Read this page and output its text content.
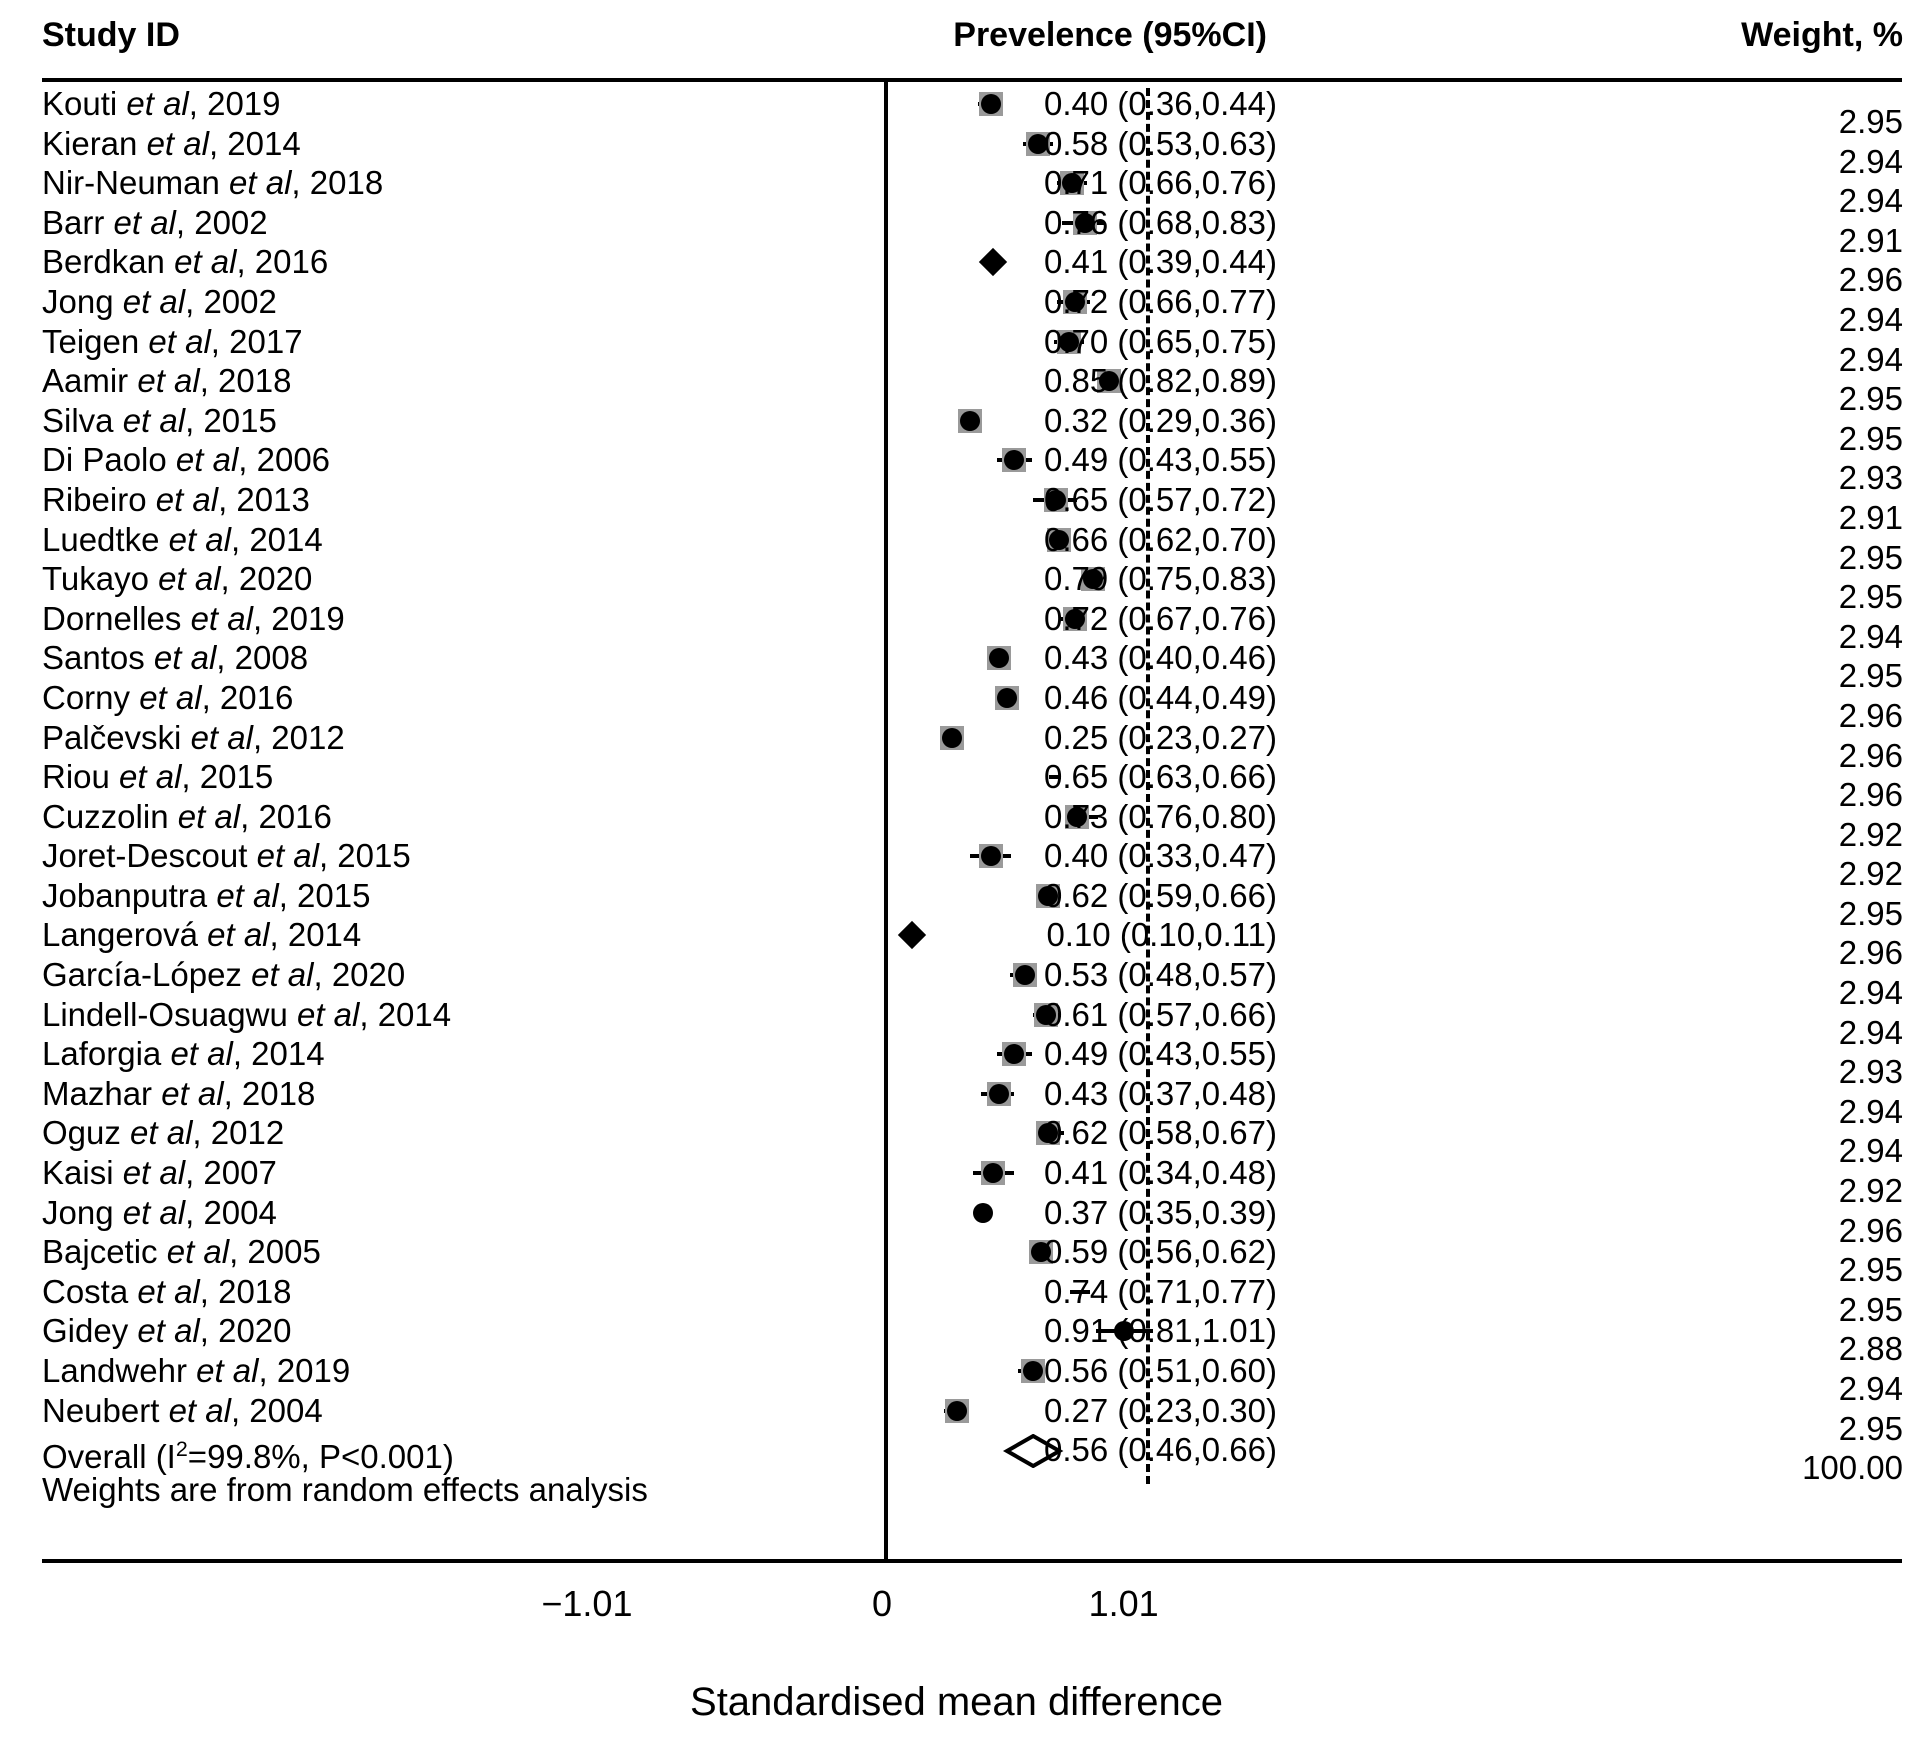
Study ID	Prevelence (95%CI)	Weight, %
Kouti et al, 2019	0.40 (0.36,0.44)	2.95
Kieran et al, 2014	0.58 (0.53,0.63)	2.94
Nir-Neuman et al, 2018	0.71 (0.66,0.76)	2.94
Barr et al, 2002	0.76 (0.68,0.83)	2.91
Berdkan et al, 2016	0.41 (0.39,0.44)	2.96
Jong et al, 2002	0.72 (0.66,0.77)	2.94
Teigen et al, 2017	0.70 (0.65,0.75)	2.94
Aamir et al, 2018	0.85 (0.82,0.89)	2.95
Silva et al, 2015	0.32 (0.29,0.36)	2.95
Di Paolo et al, 2006	0.49 (0.43,0.55)	2.93
Ribeiro et al, 2013	0.65 (0.57,0.72)	2.91
Luedtke et al, 2014	0.66 (0.62,0.70)	2.95
Tukayo et al, 2020	0.79 (0.75,0.83)	2.95
Dornelles et al, 2019	0.72 (0.67,0.76)	2.94
Santos et al, 2008	0.43 (0.40,0.46)	2.95
Corny et al, 2016	0.46 (0.44,0.49)	2.96
Palčevski et al, 2012	0.25 (0.23,0.27)	2.96
Riou et al, 2015	0.65 (0.63,0.66)	2.96
Cuzzolin et al, 2016	0.73 (0.76,0.80)	2.92
Joret-Descout et al, 2015	0.40 (0.33,0.47)	2.92
Jobanputra et al, 2015	0.62 (0.59,0.66)	2.95
Langerová et al, 2014	0.10 (0.10,0.11)	2.96
García-López et al, 2020	0.53 (0.48,0.57)	2.94
Lindell-Osuagwu et al, 2014	0.61 (0.57,0.66)	2.94
Laforgia et al, 2014	0.49 (0.43,0.55)	2.93
Mazhar et al, 2018	0.43 (0.37,0.48)	2.94
Oguz et al, 2012	0.62 (0.58,0.67)	2.94
Kaisi et al, 2007	0.41 (0.34,0.48)	2.92
Jong et al, 2004	0.37 (0.35,0.39)	2.96
Bajcetic et al, 2005	0.59 (0.56,0.62)	2.95
Costa et al, 2018	0.74 (0.71,0.77)	2.95
Gidey et al, 2020	0.91 (0.81,1.01)	2.88
Landwehr et al, 2019	0.56 (0.51,0.60)	2.94
Neubert et al, 2004	0.27 (0.23,0.30)	2.95
Overall ($I^2=99.8\%$, P<0.001)	0.56 (0.46,0.66)	100.00
Weights are from random effects analysis
−1.01	0	1.01
Standardised mean difference
